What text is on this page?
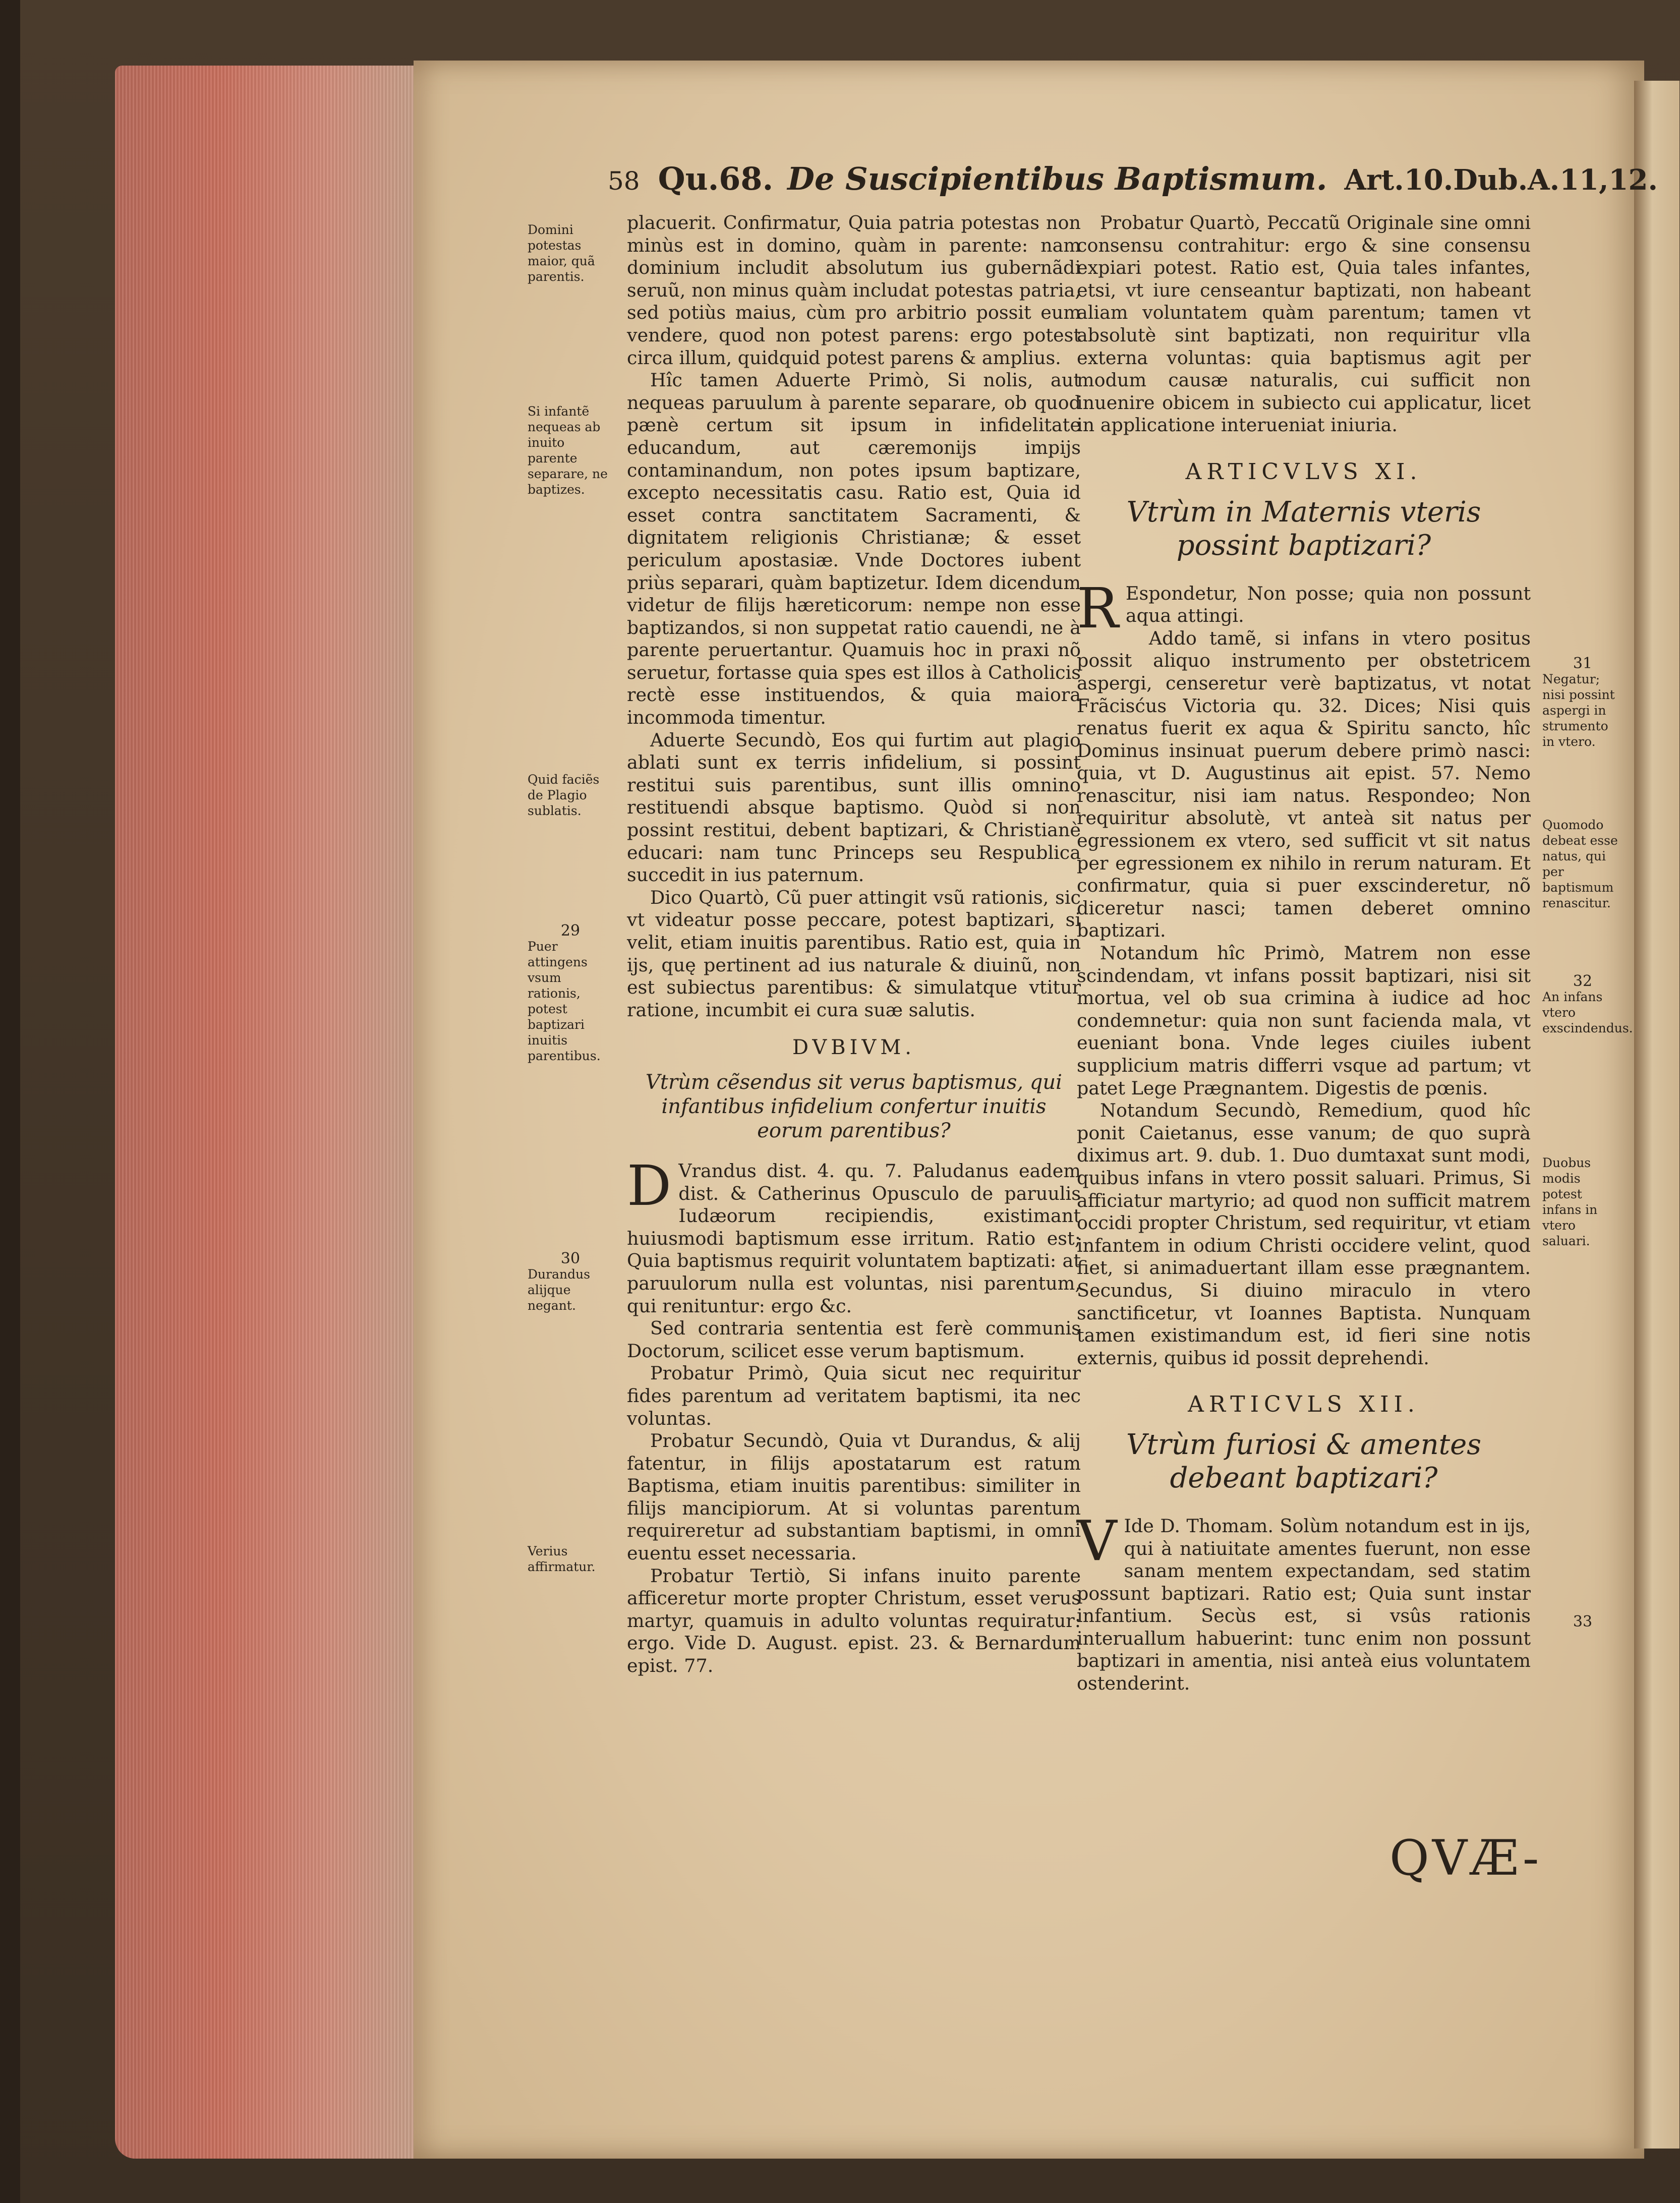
58 Qu.68. De Suscipientibus Baptismum. Art.10.Dub.A.11,12.

placuerit. Confirmatur, Quia patria potestas non minùs est in domino, quàm in parente: nam dominium includit absolutum ius gubernãdi seruũ, non minus quàm includat potestas patria, sed potiùs maius, cùm pro arbitrio possit eum vendere, quod non potest parens: ergo potest circa illum, quidquid potest parens & amplius.

Hîc tamen Aduerte Primò, Si nolis, aut nequeas paruulum à parente separare, ob quod pænè certum sit ipsum in infidelitate educandum, aut cæremonijs impijs contaminandum, non potes ipsum baptizare, excepto necessitatis casu. Ratio est, Quia id esset contra sanctitatem Sacramenti, & dignitatem religionis Christianæ; & esset periculum apostasiæ. Vnde Doctores iubent priùs separari, quàm baptizetur. Idem dicendum videtur de filijs hæreticorum: nempe non esse baptizandos, si non suppetat ratio cauendi, ne à parente peruertantur. Quamuis hoc in praxi nõ seruetur, fortasse quia spes est illos à Catholicis rectè esse instituendos, & quia maiora incommoda timentur.

Aduerte Secundò, Eos qui furtim aut plagio ablati sunt ex terris infidelium, si possint restitui suis parentibus, sunt illis omnino restituendi absque baptismo. Quòd si non possint restitui, debent baptizari, & Christianè educari: nam tunc Princeps seu Respublica succedit in ius paternum.

Dico Quartò, Cũ puer attingit vsũ rationis, sic vt videatur posse peccare, potest baptizari, si velit, etiam inuitis parentibus. Ratio est, quia in ijs, quę pertinent ad ius naturale & diuinũ, non est subiectus parentibus: & simulatque vtitur ratione, incumbit ei cura suæ salutis.

DVBIVM.
Vtrùm cẽsendus sit verus baptismus, qui infantibus infidelium confertur inuitis eorum parentibus?

D Vrandus dist. 4. qu. 7. Paludanus eadem dist. & Catherinus Opusculo de paruulis Iudæorum recipiendis, existimant huiusmodi baptismum esse irritum. Ratio est; Quia baptismus requirit voluntatem baptizati: at paruulorum nulla est voluntas, nisi parentum, qui renituntur: ergo &c.

Sed contraria sententia est ferè communis Doctorum, scilicet esse verum baptismum.

Probatur Primò, Quia sicut nec requiritur fides parentum ad veritatem baptismi, ita nec voluntas.

Probatur Secundò, Quia vt Durandus, & alij fatentur, in filijs apostatarum est ratum Baptisma, etiam inuitis parentibus: similiter in filijs mancipiorum. At si voluntas parentum requireretur ad substantiam baptismi, in omni euentu esset necessaria.

Probatur Tertiò, Si infans inuito parente afficeretur morte propter Christum, esset verus martyr, quamuis in adulto voluntas requiratur: ergo. Vide D. August. epist. 23. & Bernardum epist. 77.

Probatur Quartò, Peccatũ Originale sine omni consensu contrahitur: ergo & sine consensu expiari potest. Ratio est, Quia tales infantes, etsi, vt iure censeantur baptizati, non habeant aliam voluntatem quàm parentum; tamen vt absolutè sint baptizati, non requiritur vlla externa voluntas: quia baptismus agit per modum causæ naturalis, cui sufficit non inuenire obicem in subiecto cui applicatur, licet in applicatione interueniat iniuria.

ARTICVLVS XI.
Vtrùm in Maternis vteris possint baptizari?

R Espondetur, Non posse; quia non possunt aqua attingi.

Addo tamẽ, si infans in vtero positus possit aliquo instrumento per obstetricem aspergi, censeretur verè baptizatus, vt notat Frãcisćus Victoria qu. 32. Dices; Nisi quis renatus fuerit ex aqua & Spiritu sancto, hîc Dominus insinuat puerum debere primò nasci: quia, vt D. Augustinus ait epist. 57. Nemo renascitur, nisi iam natus. Respondeo; Non requiritur absolutè, vt anteà sit natus per egressionem ex vtero, sed sufficit vt sit natus per egressionem ex nihilo in rerum naturam. Et confirmatur, quia si puer exscinderetur, nõ diceretur nasci; tamen deberet omnino baptizari.

Notandum hîc Primò, Matrem non esse scindendam, vt infans possit baptizari, nisi sit mortua, vel ob sua crimina à iudice ad hoc condemnetur: quia non sunt facienda mala, vt eueniant bona. Vnde leges ciuiles iubent supplicium matris differri vsque ad partum; vt patet Lege Prægnantem. Digestis de pœnis.

Notandum Secundò, Remedium, quod hîc ponit Caietanus, esse vanum; de quo suprà diximus art. 9. dub. 1. Duo dumtaxat sunt modi, quibus infans in vtero possit saluari. Primus, Si afficiatur martyrio; ad quod non sufficit matrem occidi propter Christum, sed requiritur, vt etiam infantem in odium Christi occidere velint, quod fiet, si animaduertant illam esse prægnantem. Secundus, Si diuino miraculo in vtero sanctificetur, vt Ioannes Baptista. Nunquam tamen existimandum est, id fieri sine notis externis, quibus id possit deprehendi.

ARTICVLS XII.
Vtrùm furiosi & amentes debeant baptizari?

V Ide D. Thomam. Solùm notandum est in ijs, qui à natiuitate amentes fuerunt, non esse sanam mentem expectandam, sed statim possunt baptizari. Ratio est; Quia sunt instar infantium. Secùs est, si vsûs rationis interuallum habuerint: tunc enim non possunt baptizari in amentia, nisi anteà eius voluntatem ostenderint.

QVÆ-
Domini potestas maior, quã parentis.
Si infantẽ nequeas ab inuito parente separare, ne baptizes.
Quid faciẽs de Plagio sublatis.
29
Puer attingens vsum rationis, potest baptizari inuitis parentibus.
30
Durandus alijque negant.
Verius affirmatur.
31
Negatur; nisi possint aspergi in strumento in vtero.
Quomodo debeat esse natus, qui per baptismum renascitur.
32
An infans vtero exscindendus.
Duobus modis potest infans in vtero saluari.
33
